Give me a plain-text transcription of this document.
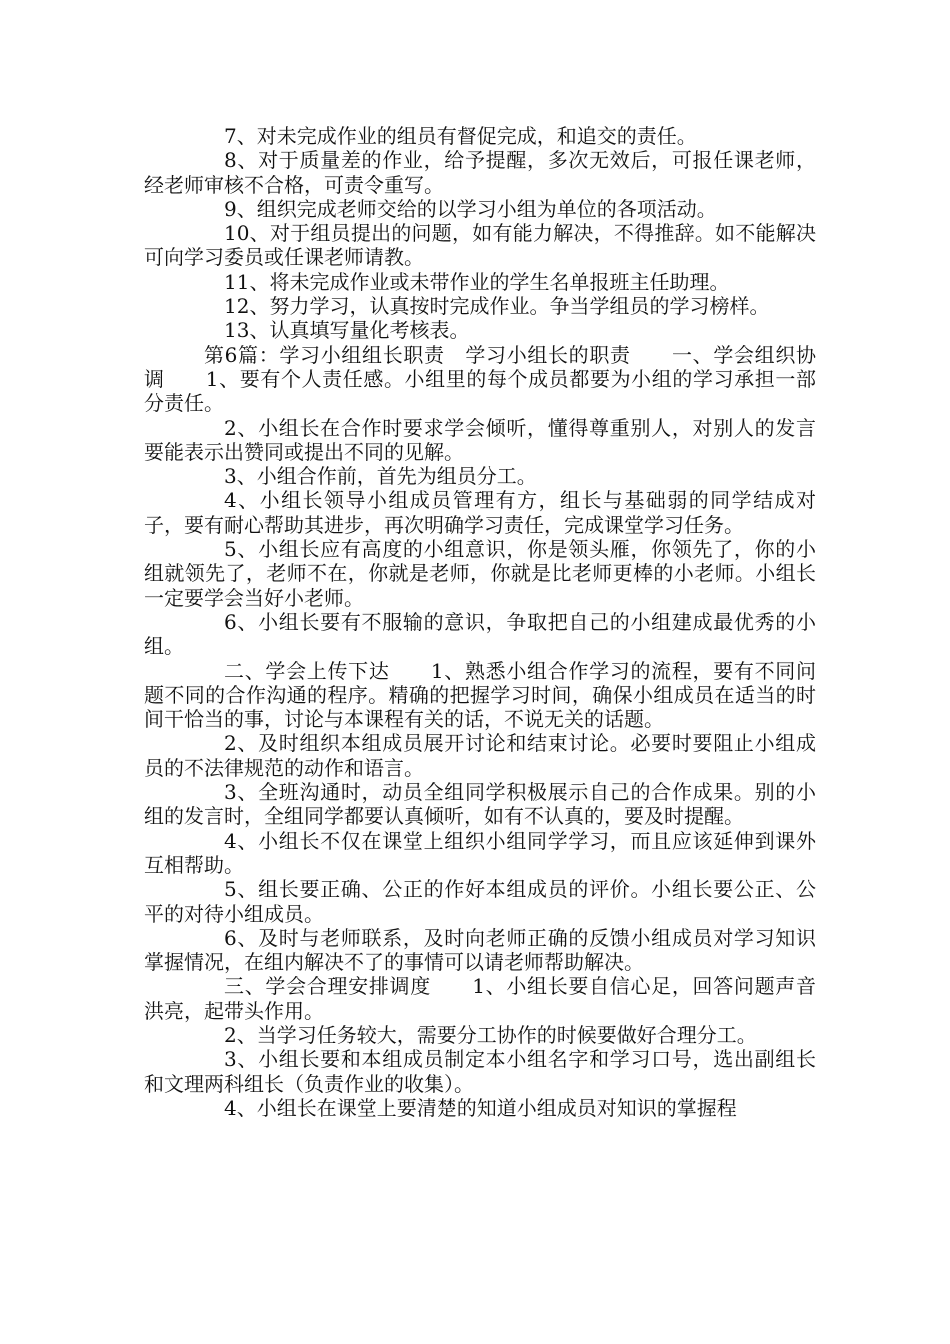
7、对未完成作业的组员有督促完成，和追交的责任。

8、对于质量差的作业，给予提醒，多次无效后，可报任课老师，经老师审核不合格，可责令重写。

9、组织完成老师交给的以学习小组为单位的各项活动。

10、对于组员提出的问题，如有能力解决，不得推辞。如不能解决可向学习委员或任课老师请教。

11、将未完成作业或未带作业的学生名单报班主任助理。

12、努力学习，认真按时完成作业。争当学组员的学习榜样。

13、认真填写量化考核表。

第6篇：学习小组组长职责　学习小组长的职责　　一、学会组织协调　　1、要有个人责任感。小组里的每个成员都要为小组的学习承担一部分责任。

2、小组长在合作时要求学会倾听，懂得尊重别人，对别人的发言要能表示出赞同或提出不同的见解。

3、小组合作前，首先为组员分工。

4、小组长领导小组成员管理有方，组长与基础弱的同学结成对子，要有耐心帮助其进步，再次明确学习责任，完成课堂学习任务。

5、小组长应有高度的小组意识，你是领头雁，你领先了，你的小组就领先了，老师不在，你就是老师，你就是比老师更棒的小老师。小组长一定要学会当好小老师。

6、小组长要有不服输的意识，争取把自己的小组建成最优秀的小组。

二、学会上传下达　　1、熟悉小组合作学习的流程，要有不同问题不同的合作沟通的程序。精确的把握学习时间，确保小组成员在适当的时间干恰当的事，讨论与本课程有关的话，不说无关的话题。

2、及时组织本组成员展开讨论和结束讨论。必要时要阻止小组成员的不法律规范的动作和语言。

3、全班沟通时，动员全组同学积极展示自己的合作成果。别的小组的发言时，全组同学都要认真倾听，如有不认真的，要及时提醒。

4、小组长不仅在课堂上组织小组同学学习，而且应该延伸到课外互相帮助。

5、组长要正确、公正的作好本组成员的评价。小组长要公正、公平的对待小组成员。

6、及时与老师联系，及时向老师正确的反馈小组成员对学习知识掌握情况，在组内解决不了的事情可以请老师帮助解决。

三、学会合理安排调度　　1、小组长要自信心足，回答问题声音洪亮，起带头作用。

2、当学习任务较大，需要分工协作的时候要做好合理分工。

3、小组长要和本组成员制定本小组名字和学习口号，选出副组长和文理两科组长（负责作业的收集）。

4、小组长在课堂上要清楚的知道小组成员对知识的掌握程
